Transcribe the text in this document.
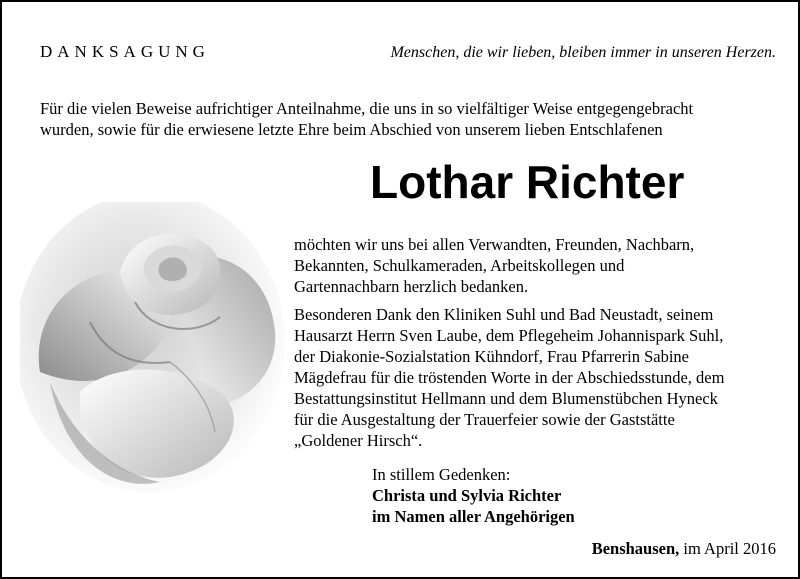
DANKSAGUNG	Menschen, die wir lieben, bleiben immer in unseren Herzen.
Für die vielen Beweise aufrichtiger Anteilnahme, die uns in so vielfältiger Weise entgegengebracht
wurden, sowie für die erwiesene letzte Ehre beim Abschied von unserem lieben Entschlafenen
Lothar Richter
möchten wir uns bei allen Verwandten, Freunden, Nachbarn,
Bekannten, Schulkameraden, Arbeitskollegen und
Gartennachbarn herzlich bedanken.
Besonderen Dank den Kliniken Suhl und Bad Neustadt, seinem
Hausarzt Herrn Sven Laube, dem Pflegeheim Johannispark Suhl,
der Diakonie-Sozialstation Kühndorf, Frau Pfarrerin Sabine
Mägdefrau für die tröstenden Worte in der Abschiedsstunde, dem
Bestattungsinstitut Hellmann und dem Blumenstübchen Hyneck
für die Ausgestaltung der Trauerfeier sowie der Gaststätte
„Goldener Hirsch“.
In stillem Gedenken:
Christa und Sylvia Richter
im Namen aller Angehörigen
Benshausen, im April 2016
